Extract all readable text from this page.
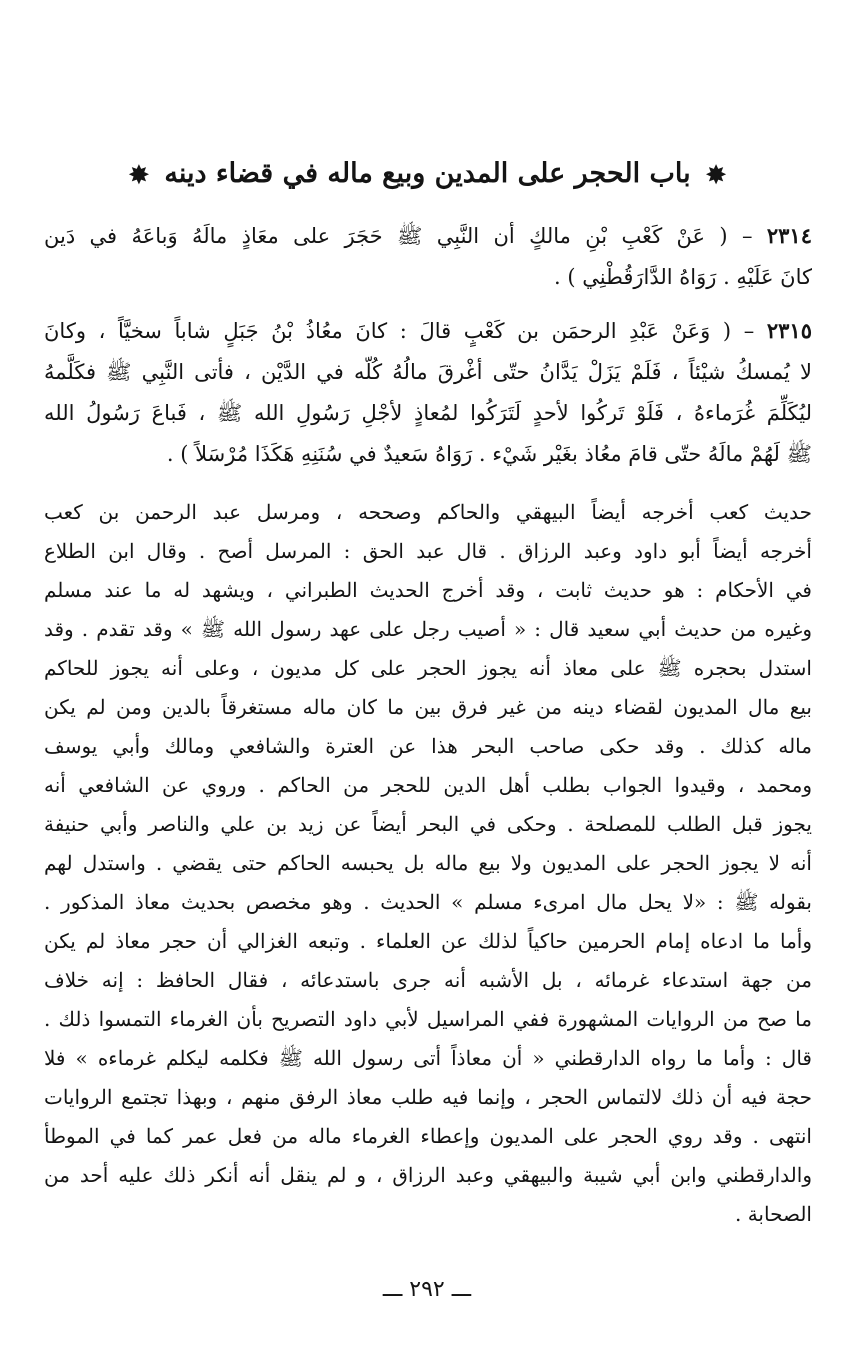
✸ باب الحجر على المدين وبيع ماله في قضاء دينه ✸
٢٣١٤ – ( عَنْ كَعْبِ بْنِ مالكٍ أن النَّبِي ﷺ حَجَرَ على معَاذٍ مالَهُ وَباعَهُ في دَين
كانَ عَلَيْهِ . رَوَاهُ الدَّارَقُطْنِي ) .
٢٣١٥ – ( وَعَنْ عَبْدِ الرحمَن بن كَعْبٍ قالَ : كانَ معُاذُ بْنُ جَبَلٍ شاباً سخيَّاً ، وكانَ
لا يُمسكُ شيْئاً ، فَلَمْ يَزَلْ يَدَّانُ حتّى أغْرقَ مالُهُ كُلّه في الدَّيْن ، فأتى النَّبِي ﷺ فكَلَّمهُ
ليُكَلِّمَ غُرَماءهُ ، فَلَوْ تَركُوا لأحدٍ لَتَرَكُوا لمُعاذٍ لأجْلِ رَسُولِ الله ﷺ ، فَباعَ رَسُولُ الله
ﷺ لَهُمْ مالَهُ حتّى قامَ معُاذ بغَيْر شَيْء . رَوَاهُ سَعيدٌ في سُنَنِهِ هَكَذَا مُرْسَلاً ) .
حديث كعب أخرجه أيضاً البيهقي والحاكم وصححه ، ومرسل عبد الرحمن بن كعب
أخرجه أيضاً أبو داود وعبد الرزاق . قال عبد الحق : المرسل أصح . وقال ابن الطلاع
في الأحكام : هو حديث ثابت ، وقد أخرج الحديث الطبراني ، ويشهد له ما عند مسلم
وغيره من حديث أبي سعيد قال : « أصيب رجل على عهد رسول الله ﷺ » وقد تقدم . وقد
استدل بحجره ﷺ على معاذ أنه يجوز الحجر على كل مديون ، وعلى أنه يجوز للحاكم
بيع مال المديون لقضاء دينه من غير فرق بين ما كان ماله مستغرقاً بالدين ومن لم يكن
ماله كذلك . وقد حكى صاحب البحر هذا عن العترة والشافعي ومالك وأبي يوسف
ومحمد ، وقيدوا الجواب بطلب أهل الدين للحجر من الحاكم . وروي عن الشافعي أنه
يجوز قبل الطلب للمصلحة . وحكى في البحر أيضاً عن زيد بن علي والناصر وأبي حنيفة
أنه لا يجوز الحجر على المديون ولا بيع ماله بل يحبسه الحاكم حتى يقضي . واستدل لهم
بقوله ﷺ : «لا يحل مال امرىء مسلم » الحديث . وهو مخصص بحديث معاذ المذكور .
وأما ما ادعاه إمام الحرمين حاكياً لذلك عن العلماء . وتبعه الغزالي أن حجر معاذ لم يكن
من جهة استدعاء غرمائه ، بل الأشبه أنه جرى باستدعائه ، فقال الحافظ : إنه خلاف
ما صح من الروايات المشهورة ففي المراسيل لأبي داود التصريح بأن الغرماء التمسوا ذلك .
قال : وأما ما رواه الدارقطني « أن معاذاً أتى رسول الله ﷺ فكلمه ليكلم غرماءه » فلا
حجة فيه أن ذلك لالتماس الحجر ، وإنما فيه طلب معاذ الرفق منهم ، وبهذا تجتمع الروايات
انتهى . وقد روي الحجر على المديون وإعطاء الغرماء ماله من فعل عمر كما في الموطأ
والدارقطني وابن أبي شيبة والبيهقي وعبد الرزاق ، و لم ينقل أنه أنكر ذلك عليه أحد من
الصحابة .
ـــ ٢٩٢ ـــ
